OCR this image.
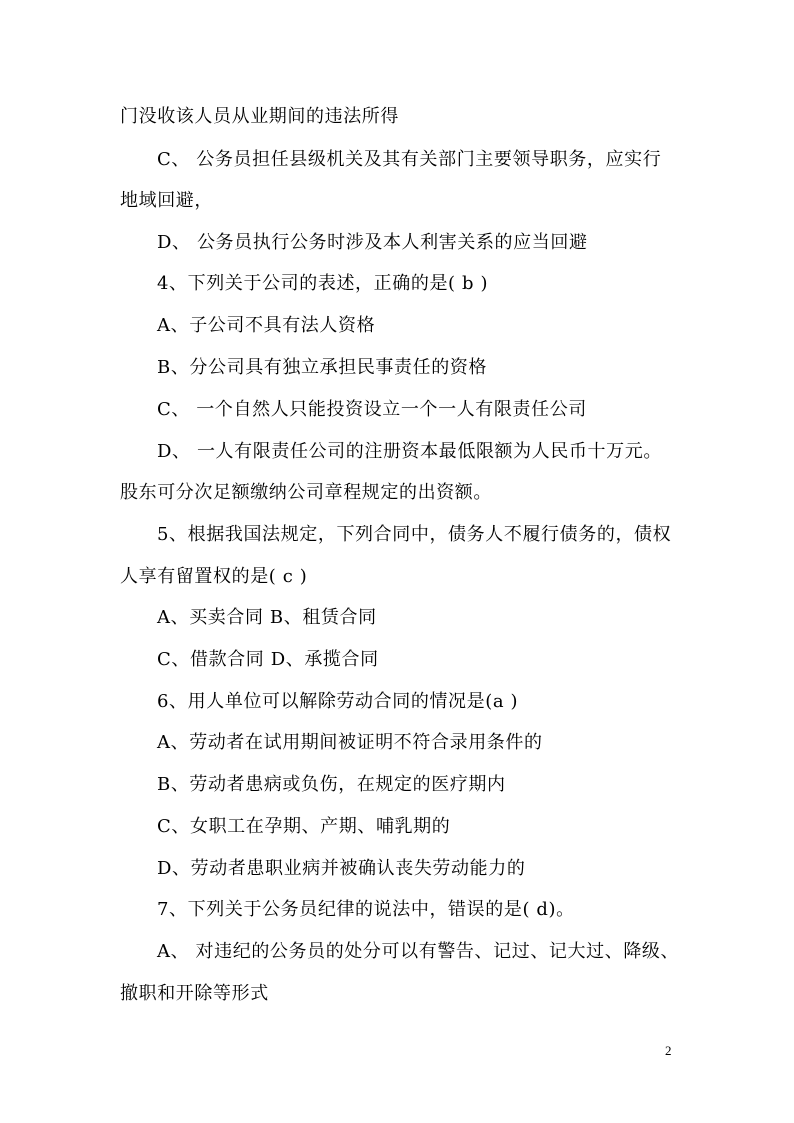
门没收该人员从业期间的违法所得
C、 公务员担任县级机关及其有关部门主要领导职务，应实行
地域回避，
D、 公务员执行公务时涉及本人利害关系的应当回避
4、下列关于公司的表述，正确的是( b )
A、子公司不具有法人资格
B、分公司具有独立承担民事责任的资格
C、 一个自然人只能投资设立一个一人有限责任公司
D、 一人有限责任公司的注册资本最低限额为人民币十万元。
股东可分次足额缴纳公司章程规定的出资额。
5、根据我国法规定，下列合同中，债务人不履行债务的，债权
人享有留置权的是( c )
A、买卖合同 B、租赁合同
C、借款合同 D、承揽合同
6、用人单位可以解除劳动合同的情况是(a )
A、劳动者在试用期间被证明不符合录用条件的
B、劳动者患病或负伤，在规定的医疗期内
C、女职工在孕期、产期、哺乳期的
D、劳动者患职业病并被确认丧失劳动能力的
7、下列关于公务员纪律的说法中，错误的是( d)。
A、 对违纪的公务员的处分可以有警告、记过、记大过、降级、
撤职和开除等形式
2
